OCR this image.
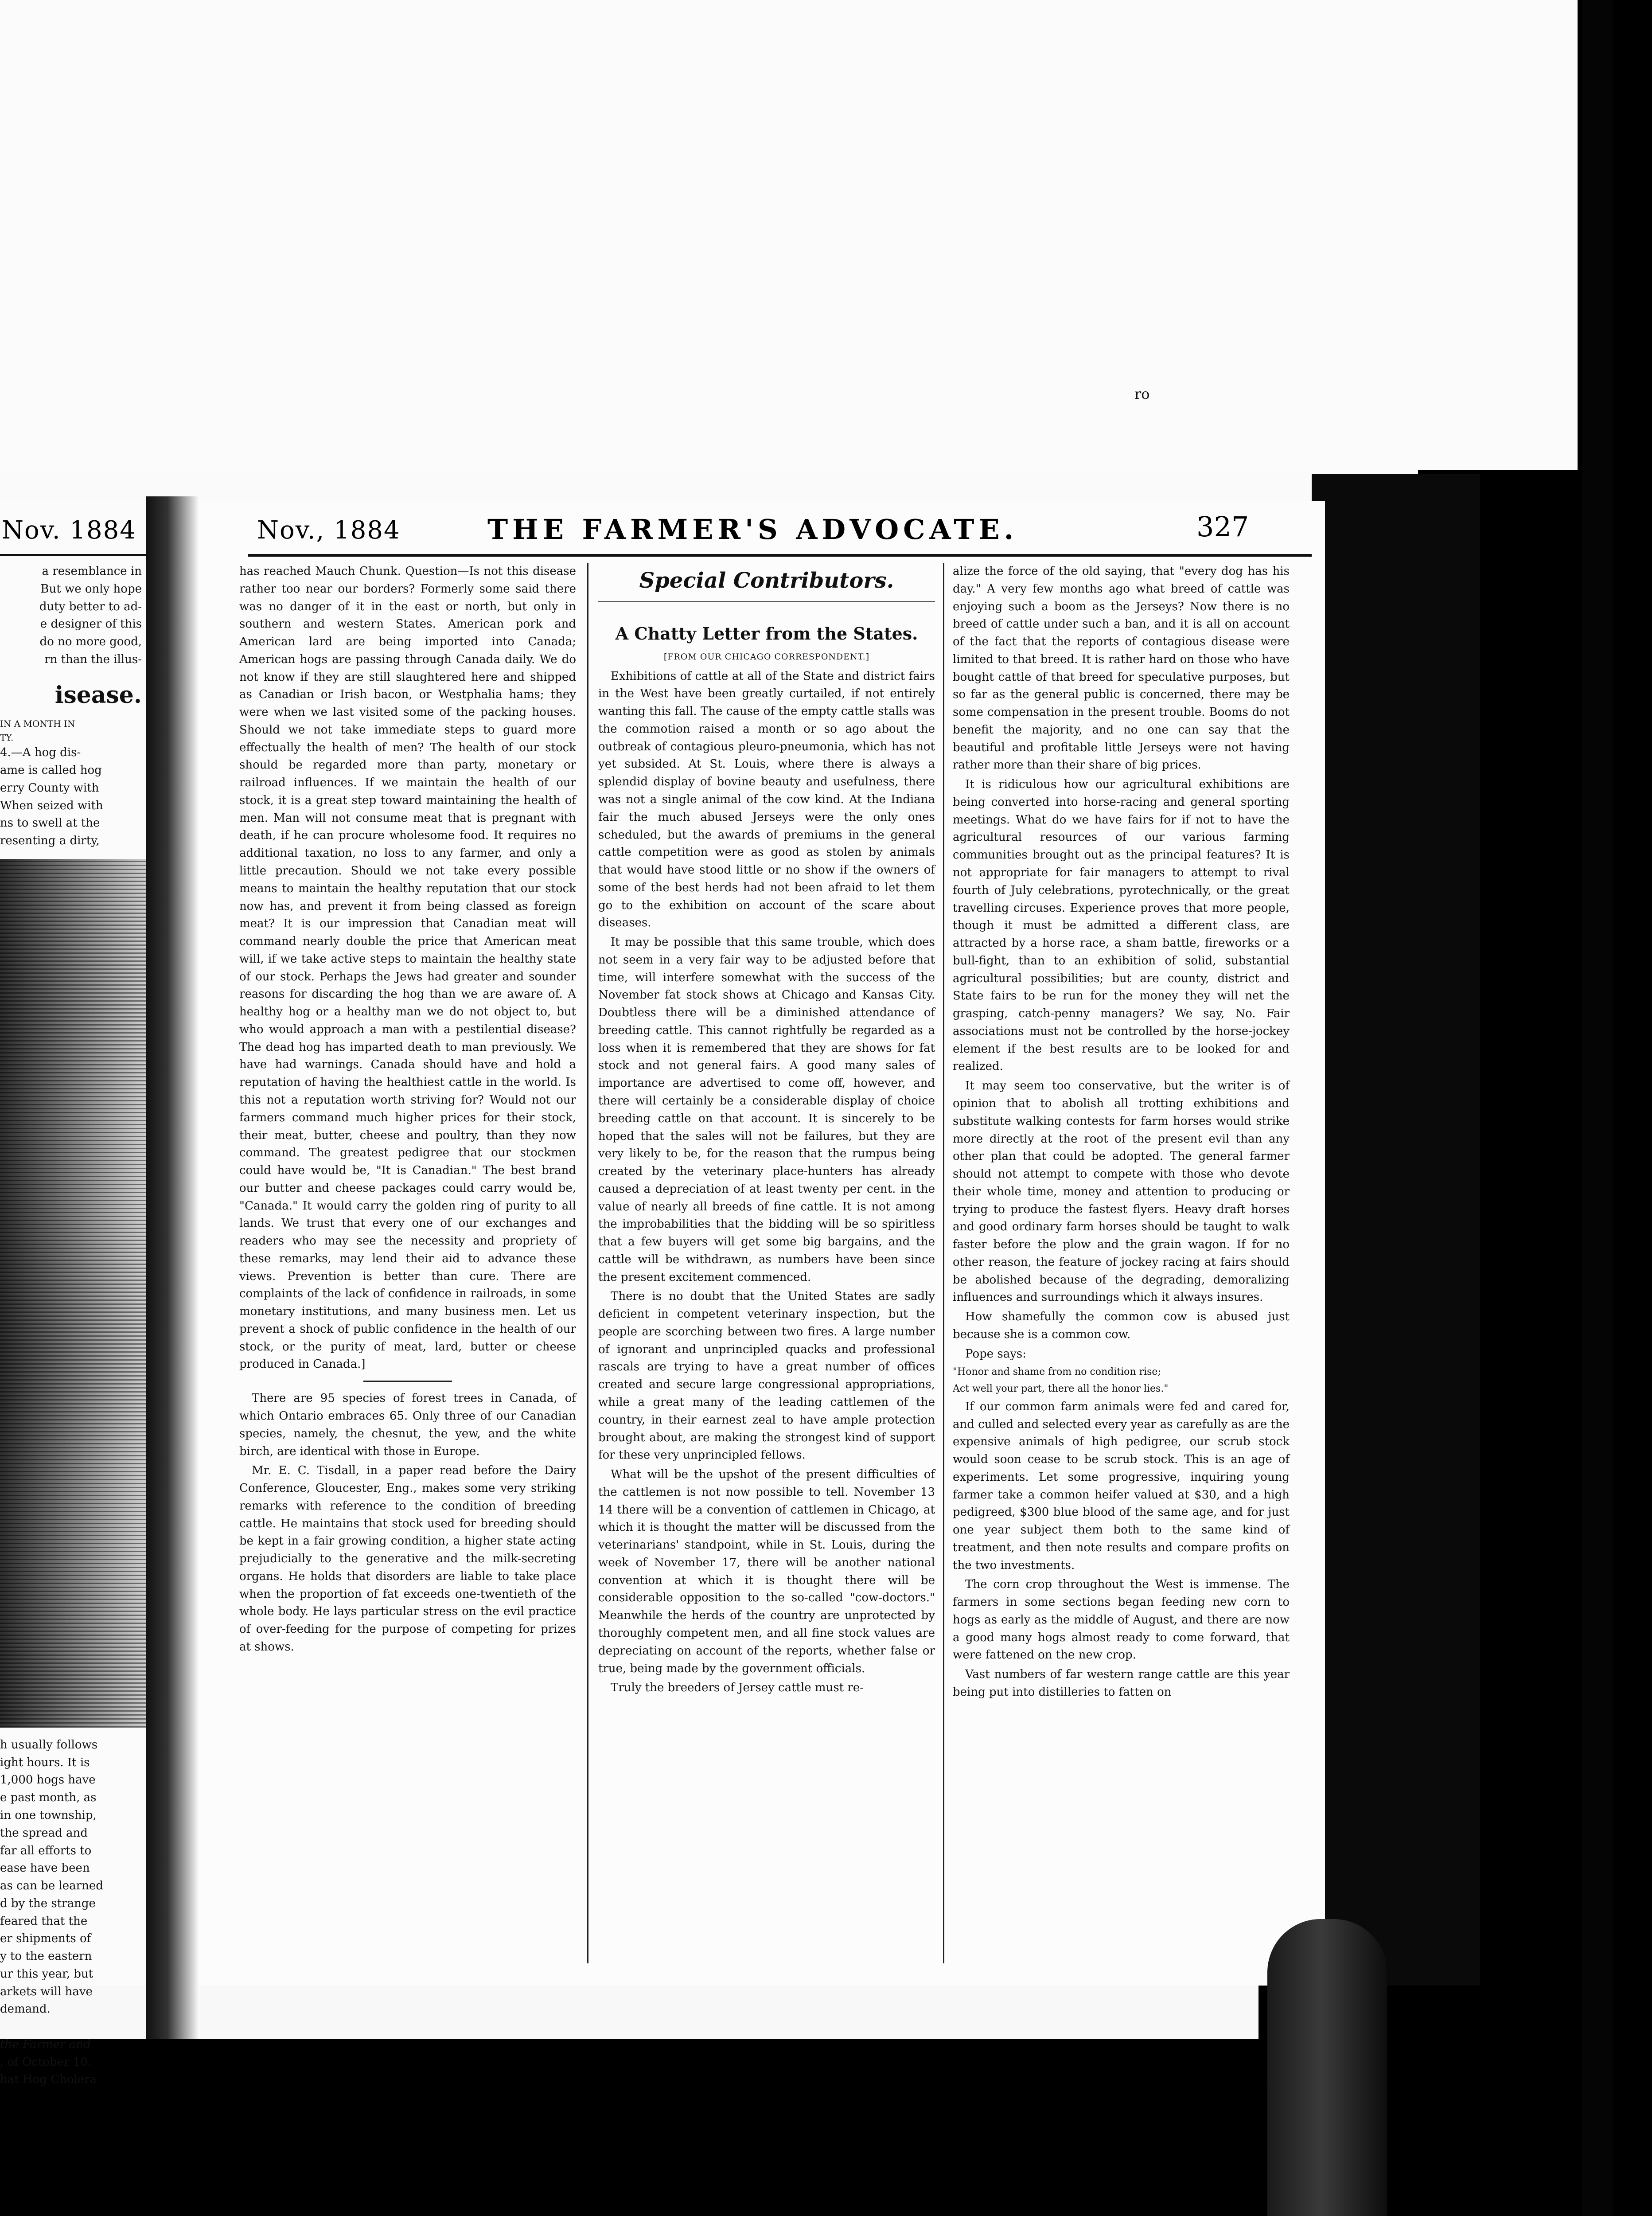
ro
Nov. 1884
a resemblance in
But we only hope
duty better to ad-
e designer of this
do no more good,
rn than the illus-
isease.
IN A MONTH IN
TY.
4.—A hog dis-
ame is called hog
erry County with
When seized with
ns to swell at the
resenting a dirty,
h usually follows
ight hours. It is
1,000 hogs have
e past month, as
in one township,
the spread and
far all efforts to
ease have been
as can be learned
d by the strange
feared that the
er shipments of
y to the eastern
ur this year, but
arkets will have
demand.

the Farmer and
, of October 10.
hat Hog Cholera
Nov., 1884	THE FARMER'S ADVOCATE.	327

has reached Mauch Chunk. Question—Is not this disease rather too near our borders? Formerly some said there was no danger of it in the east or north, but only in southern and western States. American pork and American lard are being imported into Canada; American hogs are passing through Canada daily. We do not know if they are still slaughtered here and shipped as Canadian or Irish bacon, or Westphalia hams; they were when we last visited some of the packing houses. Should we not take immediate steps to guard more effectually the health of men? The health of our stock should be regarded more than party, monetary or railroad influences. If we maintain the health of our stock, it is a great step toward maintaining the health of men. Man will not consume meat that is pregnant with death, if he can procure wholesome food. It requires no additional taxation, no loss to any farmer, and only a little precaution. Should we not take every possible means to maintain the healthy reputation that our stock now has, and prevent it from being classed as foreign meat? It is our impression that Canadian meat will command nearly double the price that American meat will, if we take active steps to maintain the healthy state of our stock. Perhaps the Jews had greater and sounder reasons for discarding the hog than we are aware of. A healthy hog or a healthy man we do not object to, but who would approach a man with a pestilential disease? The dead hog has imparted death to man previously. We have had warnings. Canada should have and hold a reputation of having the healthiest cattle in the world. Is this not a reputation worth striving for? Would not our farmers command much higher prices for their stock, their meat, butter, cheese and poultry, than they now command. The greatest pedigree that our stockmen could have would be, "It is Canadian." The best brand our butter and cheese packages could carry would be, "Canada." It would carry the golden ring of purity to all lands. We trust that every one of our exchanges and readers who may see the necessity and propriety of these remarks, may lend their aid to advance these views. Prevention is better than cure. There are complaints of the lack of confidence in railroads, in some monetary institutions, and many business men. Let us prevent a shock of public confidence in the health of our stock, or the purity of meat, lard, butter or cheese produced in Canada.]

There are 95 species of forest trees in Canada, of which Ontario embraces 65. Only three of our Canadian species, namely, the chesnut, the yew, and the white birch, are identical with those in Europe.

Mr. E. C. Tisdall, in a paper read before the Dairy Conference, Gloucester, Eng., makes some very striking remarks with reference to the condition of breeding cattle. He maintains that stock used for breeding should be kept in a fair growing condition, a higher state acting prejudicially to the generative and the milk-secreting organs. He holds that disorders are liable to take place when the proportion of fat exceeds one-twentieth of the whole body. He lays particular stress on the evil practice of over-feeding for the purpose of competing for prizes at shows.

Special Contributors.
A Chatty Letter from the States.
[FROM OUR CHICAGO CORRESPONDENT.]

Exhibitions of cattle at all of the State and district fairs in the West have been greatly curtailed, if not entirely wanting this fall. The cause of the empty cattle stalls was the commotion raised a month or so ago about the outbreak of contagious pleuro-pneumonia, which has not yet subsided. At St. Louis, where there is always a splendid display of bovine beauty and usefulness, there was not a single animal of the cow kind. At the Indiana fair the much abused Jerseys were the only ones scheduled, but the awards of premiums in the general cattle competition were as good as stolen by animals that would have stood little or no show if the owners of some of the best herds had not been afraid to let them go to the exhibition on account of the scare about diseases.

It may be possible that this same trouble, which does not seem in a very fair way to be adjusted before that time, will interfere somewhat with the success of the November fat stock shows at Chicago and Kansas City. Doubtless there will be a diminished attendance of breeding cattle. This cannot rightfully be regarded as a loss when it is remembered that they are shows for fat stock and not general fairs. A good many sales of importance are advertised to come off, however, and there will certainly be a considerable display of choice breeding cattle on that account. It is sincerely to be hoped that the sales will not be failures, but they are very likely to be, for the reason that the rumpus being created by the veterinary place-hunters has already caused a depreciation of at least twenty per cent. in the value of nearly all breeds of fine cattle. It is not among the improbabilities that the bidding will be so spiritless that a few buyers will get some big bargains, and the cattle will be withdrawn, as numbers have been since the present excitement commenced.

There is no doubt that the United States are sadly deficient in competent veterinary inspection, but the people are scorching between two fires. A large number of ignorant and unprincipled quacks and professional rascals are trying to have a great number of offices created and secure large congressional appropriations, while a great many of the leading cattlemen of the country, in their earnest zeal to have ample protection brought about, are making the strongest kind of support for these very unprincipled fellows.

What will be the upshot of the present difficulties of the cattlemen is not now possible to tell. November 13 14 there will be a convention of cattlemen in Chicago, at which it is thought the matter will be discussed from the veterinarians' standpoint, while in St. Louis, during the week of November 17, there will be another national convention at which it is thought there will be considerable opposition to the so-called "cow-doctors." Meanwhile the herds of the country are unprotected by thoroughly competent men, and all fine stock values are depreciating on account of the reports, whether false or true, being made by the government officials.

Truly the breeders of Jersey cattle must re-

alize the force of the old saying, that "every dog has his day." A very few months ago what breed of cattle was enjoying such a boom as the Jerseys? Now there is no breed of cattle under such a ban, and it is all on account of the fact that the reports of contagious disease were limited to that breed. It is rather hard on those who have bought cattle of that breed for speculative purposes, but so far as the general public is concerned, there may be some compensation in the present trouble. Booms do not benefit the majority, and no one can say that the beautiful and profitable little Jerseys were not having rather more than their share of big prices.

It is ridiculous how our agricultural exhibitions are being converted into horse-racing and general sporting meetings. What do we have fairs for if not to have the agricultural resources of our various farming communities brought out as the principal features? It is not appropriate for fair managers to attempt to rival fourth of July celebrations, pyrotechnically, or the great travelling circuses. Experience proves that more people, though it must be admitted a different class, are attracted by a horse race, a sham battle, fireworks or a bull-fight, than to an exhibition of solid, substantial agricultural possibilities; but are county, district and State fairs to be run for the money they will net the grasping, catch-penny managers? We say, No. Fair associations must not be controlled by the horse-jockey element if the best results are to be looked for and realized.

It may seem too conservative, but the writer is of opinion that to abolish all trotting exhibitions and substitute walking contests for farm horses would strike more directly at the root of the present evil than any other plan that could be adopted. The general farmer should not attempt to compete with those who devote their whole time, money and attention to producing or trying to produce the fastest flyers. Heavy draft horses and good ordinary farm horses should be taught to walk faster before the plow and the grain wagon. If for no other reason, the feature of jockey racing at fairs should be abolished because of the degrading, demoralizing influences and surroundings which it always insures.

How shamefully the common cow is abused just because she is a common cow.

Pope says:

"Honor and shame from no condition rise;

Act well your part, there all the honor lies."

If our common farm animals were fed and cared for, and culled and selected every year as carefully as are the expensive animals of high pedigree, our scrub stock would soon cease to be scrub stock. This is an age of experiments. Let some progressive, inquiring young farmer take a common heifer valued at $30, and a high pedigreed, $300 blue blood of the same age, and for just one year subject them both to the same kind of treatment, and then note results and compare profits on the two investments.

The corn crop throughout the West is immense. The farmers in some sections began feeding new corn to hogs as early as the middle of August, and there are now a good many hogs almost ready to come forward, that were fattened on the new crop.

Vast numbers of far western range cattle are this year being put into distilleries to fatten on
